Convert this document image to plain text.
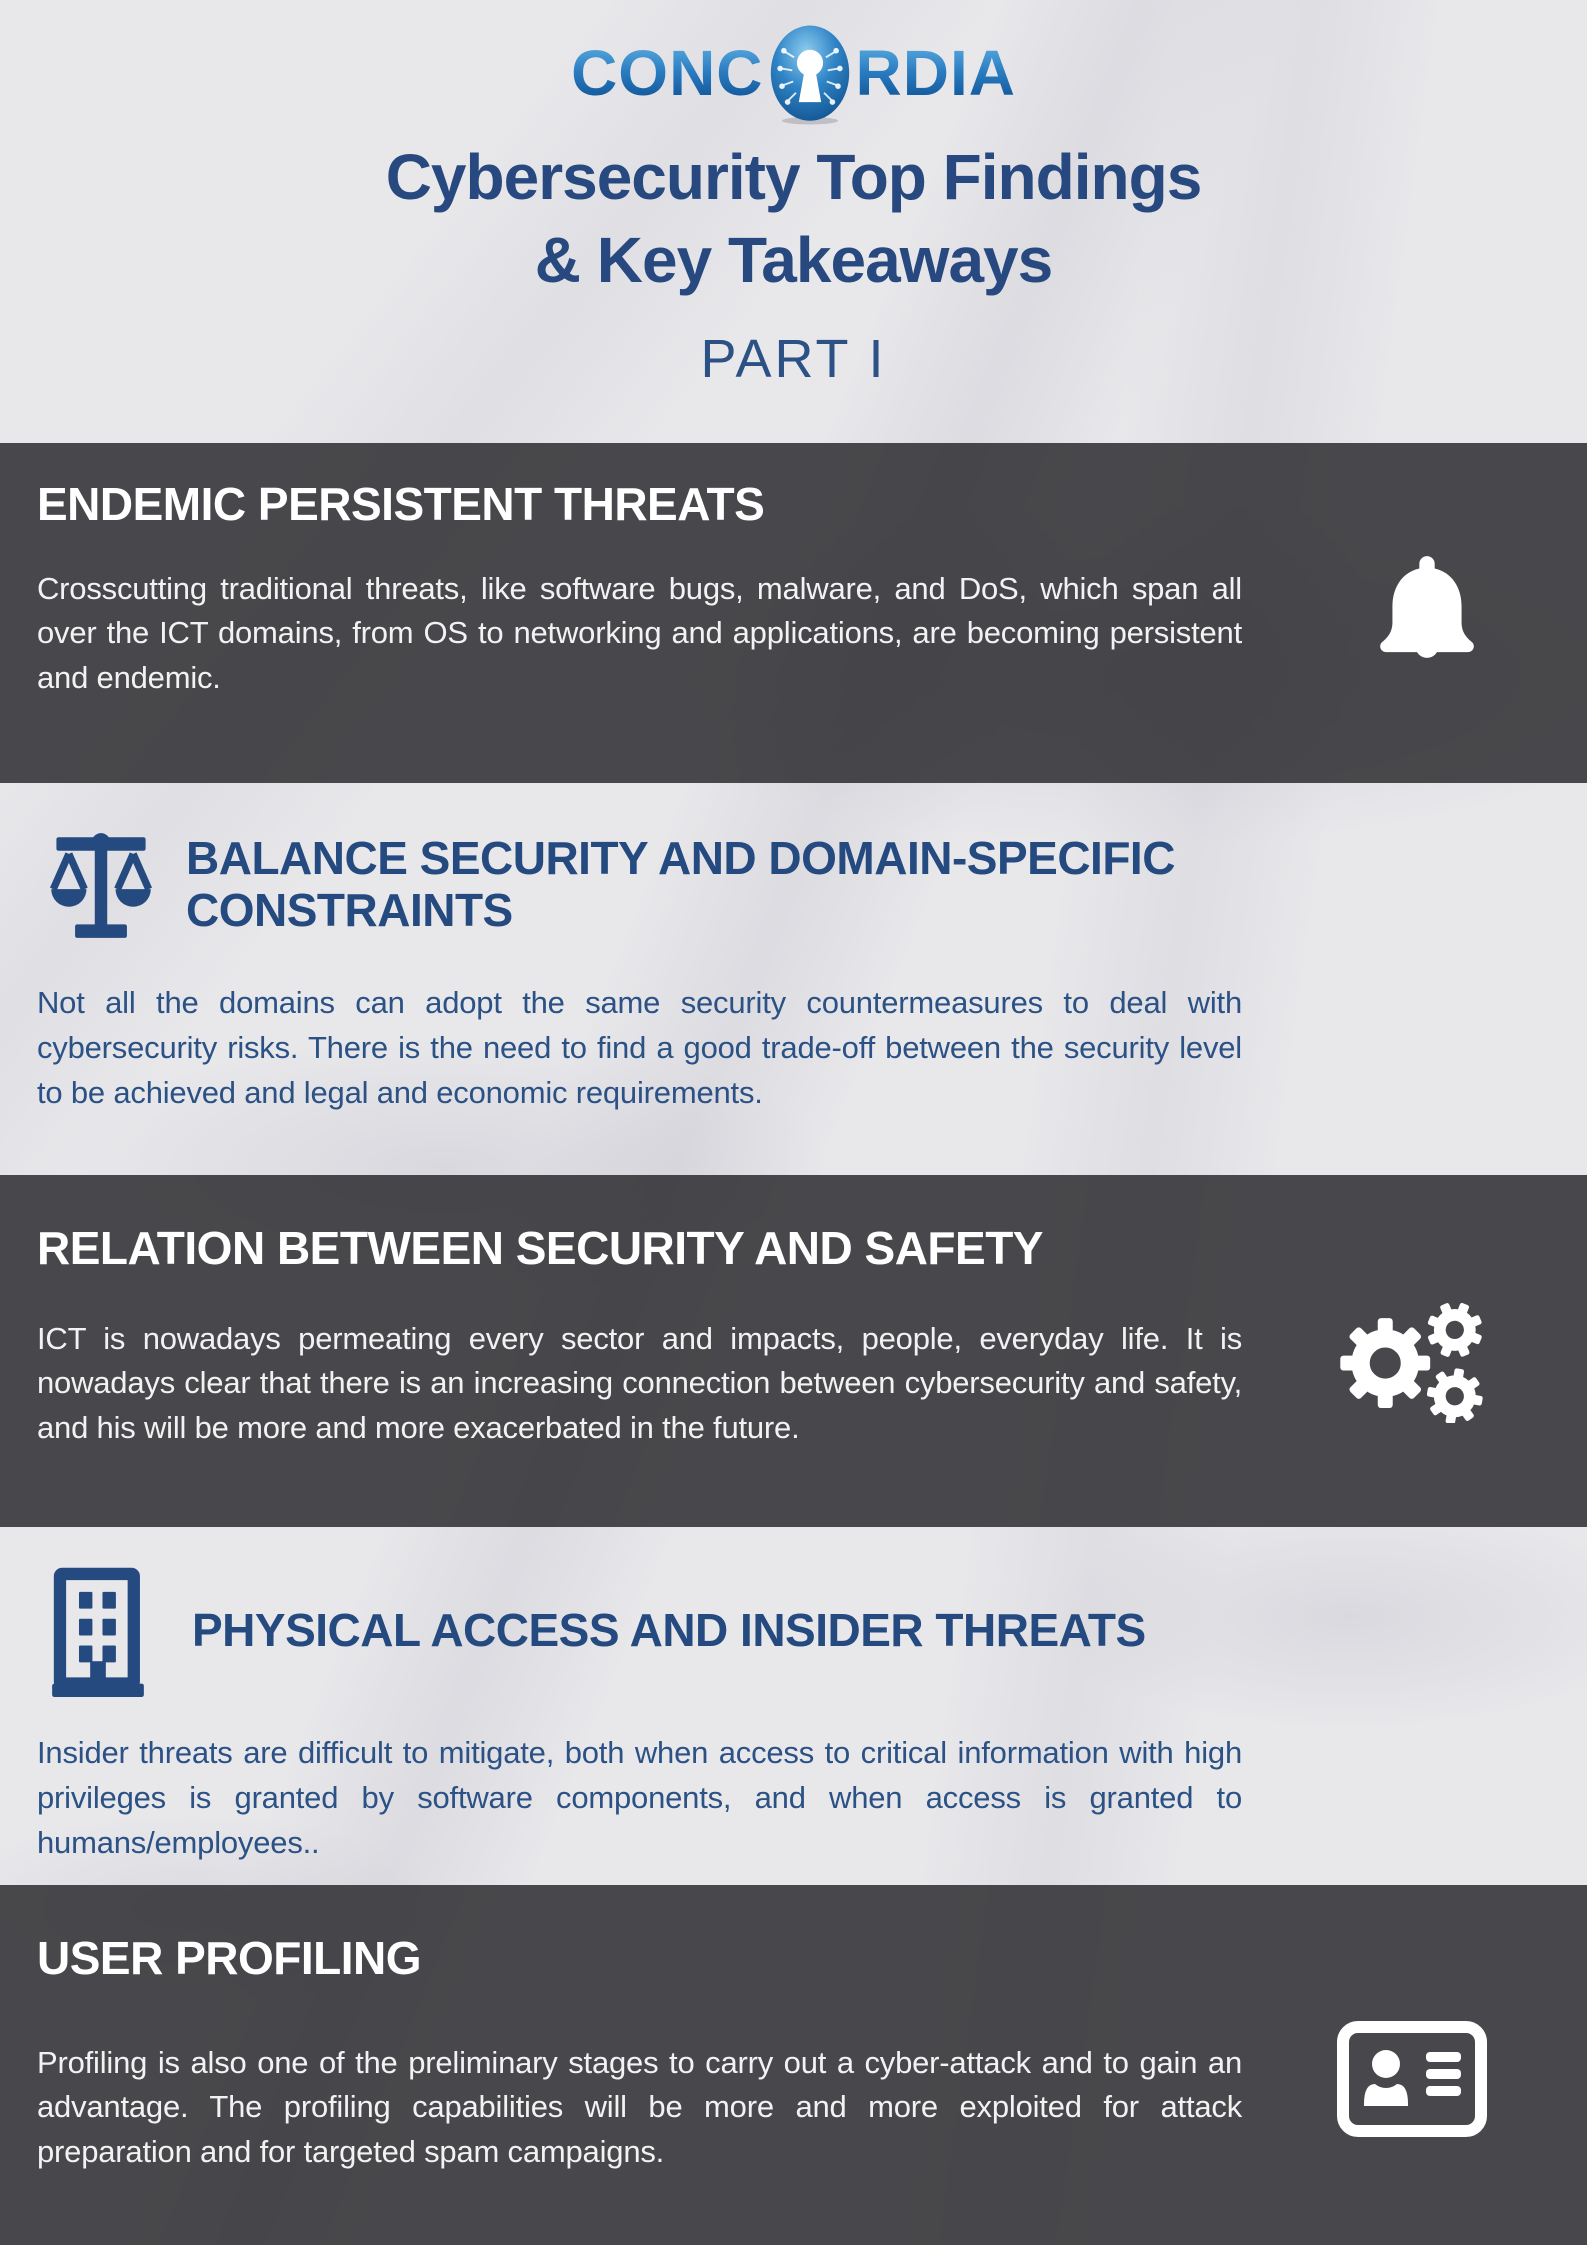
CONC RDIA
Cybersecurity Top Findings
& Key Takeaways
PART I
ENDEMIC PERSISTENT THREATS
Crosscutting traditional threats, like software bugs, malware, and DoS, which span all over the ICT domains, from OS to networking and applications, are becoming persistent and endemic.
BALANCE SECURITY AND DOMAIN-SPECIFIC
CONSTRAINTS
Not all the domains can adopt the same security countermeasures to deal with cybersecurity risks. There is the need to find a good trade-off between the security level to be achieved and legal and economic requirements.
RELATION BETWEEN SECURITY AND SAFETY
ICT is nowadays permeating every sector and impacts, people, everyday life. It is nowadays clear that there is an increasing connection between cybersecurity and safety, and his will be more and more exacerbated in the future.
PHYSICAL ACCESS AND INSIDER THREATS
Insider threats are difficult to mitigate, both when access to critical information with high privileges is granted by software components, and when access is granted to humans/employees..
USER PROFILING
Profiling is also one of the preliminary stages to carry out a cyber-attack and to gain an advantage. The profiling capabilities will be more and more exploited for attack preparation and for targeted spam campaigns.
